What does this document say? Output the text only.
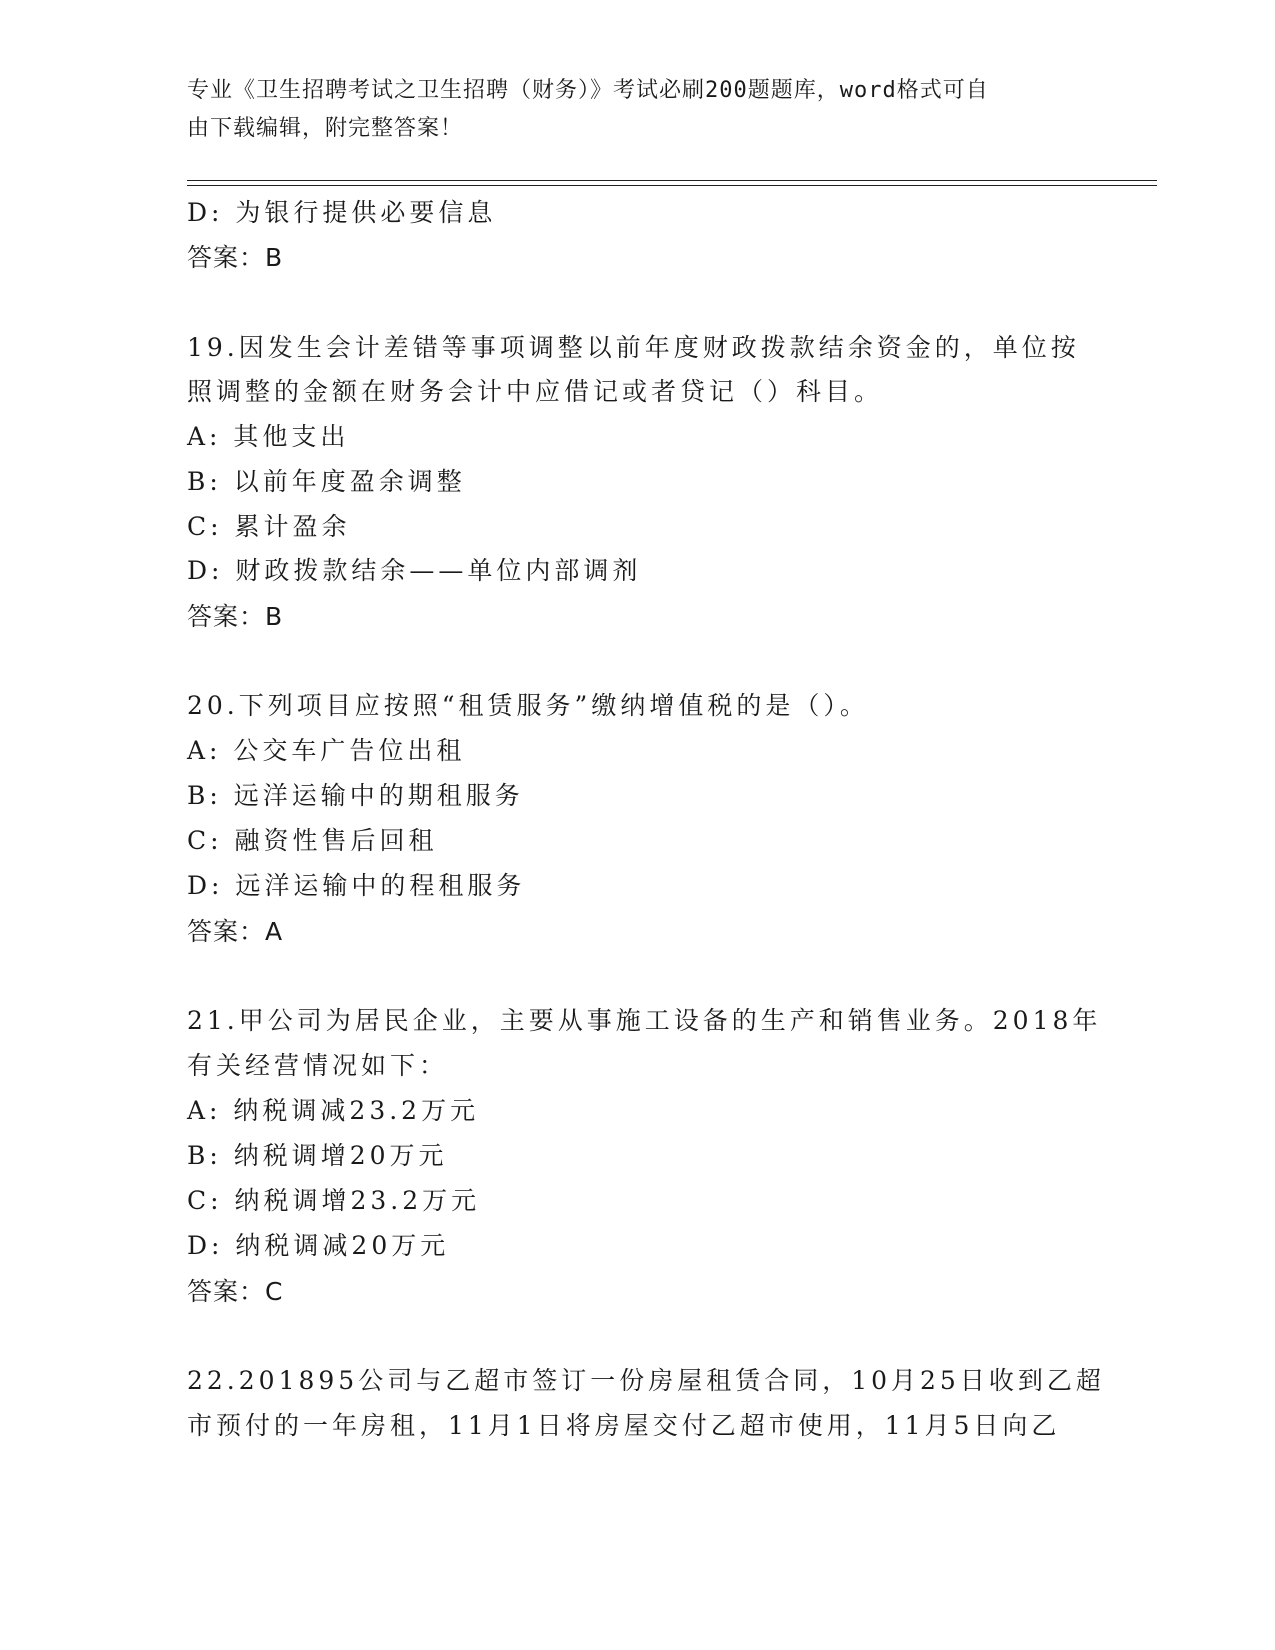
专业《卫生招聘考试之卫生招聘（财务）》考试必刷200题题库，word格式可自
由下载编辑，附完整答案！
D: 为银行提供必要信息
答案：B
19.因发生会计差错等事项调整以前年度财政拨款结余资金的，单位按
照调整的金额在财务会计中应借记或者贷记（）科目。
A: 其他支出
B: 以前年度盈余调整
C: 累计盈余
D: 财政拨款结余——单位内部调剂
答案：B
20.下列项目应按照“租赁服务”缴纳增值税的是（）。
A: 公交车广告位出租
B: 远洋运输中的期租服务
C: 融资性售后回租
D: 远洋运输中的程租服务
答案：A
21.甲公司为居民企业，主要从事施工设备的生产和销售业务。2018年
有关经营情况如下：
A: 纳税调减23.2万元
B: 纳税调增20万元
C: 纳税调增23.2万元
D: 纳税调减20万元
答案：C
22.201895公司与乙超市签订一份房屋租赁合同，10月25日收到乙超
市预付的一年房租，11月1日将房屋交付乙超市使用，11月5日向乙
